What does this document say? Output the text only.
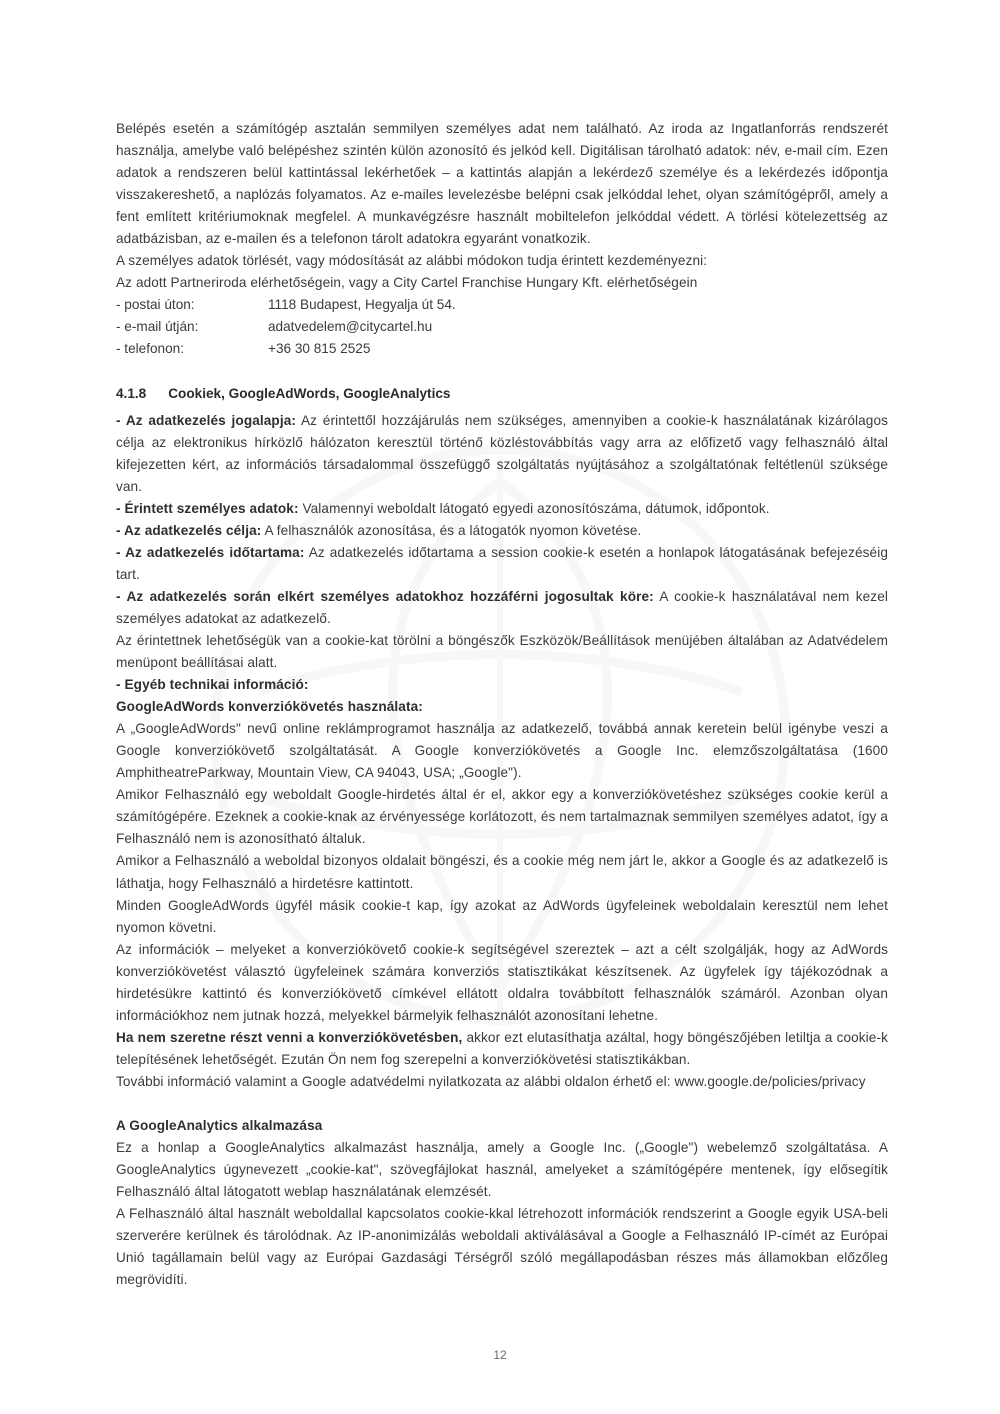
Belépés esetén a számítógép asztalán semmilyen személyes adat nem található. Az iroda az Ingatlanforrás rendszerét használja, amelybe való belépéshez szintén külön azonosító és jelkód kell. Digitálisan tárolható adatok: név, e-mail cím. Ezen adatok a rendszeren belül kattintással lekérhetőek – a kattintás alapján a lekérdező személye és a lekérdezés időpontja visszakereshető, a naplózás folyamatos. Az e-mailes levelezésbe belépni csak jelkóddal lehet, olyan számítógépről, amely a fent említett kritériumoknak megfelel. A munkavégzésre használt mobiltelefon jelkóddal védett. A törlési kötelezettség az adatbázisban, az e-mailen és a telefonon tárolt adatokra egyaránt vonatkozik.

A személyes adatok törlését, vagy módosítását az alábbi módokon tudja érintett kezdeményezni:

Az adott Partneriroda elérhetőségein, vagy a City Cartel Franchise Hungary Kft. elérhetőségein

- postai úton:	1118 Budapest, Hegyalja út 54.
- e-mail útján:	adatvedelem@citycartel.hu
- telefonon:	+36 30 815 2525
4.1.8 Cookiek, GoogleAdWords, GoogleAnalytics

- Az adatkezelés jogalapja: Az érintettől hozzájárulás nem szükséges, amennyiben a cookie-k használatának kizárólagos célja az elektronikus hírközlő hálózaton keresztül történő közléstovábbítás vagy arra az előfizető vagy felhasználó által kifejezetten kért, az információs társadalommal összefüggő szolgáltatás nyújtásához a szolgáltatónak feltétlenül szüksége van.

- Érintett személyes adatok: Valamennyi weboldalt látogató egyedi azonosítószáma, dátumok, időpontok.

- Az adatkezelés célja: A felhasználók azonosítása, és a látogatók nyomon követése.

- Az adatkezelés időtartama: Az adatkezelés időtartama a session cookie-k esetén a honlapok látogatásának befejezéséig tart.

- Az adatkezelés során elkért személyes adatokhoz hozzáférni jogosultak köre: A cookie-k használatával nem kezel személyes adatokat az adatkezelő.

Az érintettnek lehetőségük van a cookie-kat törölni a böngészők Eszközök/Beállítások menüjében általában az Adatvédelem menüpont beállításai alatt.

- Egyéb technikai információ:

GoogleAdWords konverziókövetés használata:

A „GoogleAdWords" nevű online reklámprogramot használja az adatkezelő, továbbá annak keretein belül igénybe veszi a Google konverziókövető szolgáltatását. A Google konverziókövetés a Google Inc. elemzőszolgáltatása (1600 AmphitheatreParkway, Mountain View, CA 94043, USA; „Google").

Amikor Felhasználó egy weboldalt Google-hirdetés által ér el, akkor egy a konverziókövetéshez szükséges cookie kerül a számítógépére. Ezeknek a cookie-knak az érvényessége korlátozott, és nem tartalmaznak semmilyen személyes adatot, így a Felhasználó nem is azonosítható általuk.

Amikor a Felhasználó a weboldal bizonyos oldalait böngészi, és a cookie még nem járt le, akkor a Google és az adatkezelő is láthatja, hogy Felhasználó a hirdetésre kattintott.

Minden GoogleAdWords ügyfél másik cookie-t kap, így azokat az AdWords ügyfeleinek weboldalain keresztül nem lehet nyomon követni.

Az információk – melyeket a konverziókövető cookie-k segítségével szereztek – azt a célt szolgálják, hogy az AdWords konverziókövetést választó ügyfeleinek számára konverziós statisztikákat készítsenek. Az ügyfelek így tájékozódnak a hirdetésükre kattintó és konverziókövető címkével ellátott oldalra továbbított felhasználók számáról. Azonban olyan információkhoz nem jutnak hozzá, melyekkel bármelyik felhasználót azonosítani lehetne.

Ha nem szeretne részt venni a konverziókövetésben, akkor ezt elutasíthatja azáltal, hogy böngészőjében letiltja a cookie-k telepítésének lehetőségét. Ezután Ön nem fog szerepelni a konverziókövetési statisztikákban.

További információ valamint a Google adatvédelmi nyilatkozata az alábbi oldalon érhető el: www.google.de/policies/privacy

A GoogleAnalytics alkalmazása

Ez a honlap a GoogleAnalytics alkalmazást használja, amely a Google Inc. („Google") webelemző szolgáltatása. A GoogleAnalytics úgynevezett „cookie-kat", szövegfájlokat használ, amelyeket a számítógépére mentenek, így elősegítik Felhasználó által látogatott weblap használatának elemzését.

A Felhasználó által használt weboldallal kapcsolatos cookie-kkal létrehozott információk rendszerint a Google egyik USA-beli szerverére kerülnek és tárolódnak. Az IP-anonimizálás weboldali aktiválásával a Google a Felhasználó IP-címét az Európai Unió tagállamain belül vagy az Európai Gazdasági Térségről szóló megállapodásban részes más államokban előzőleg megrövidíti.

12
